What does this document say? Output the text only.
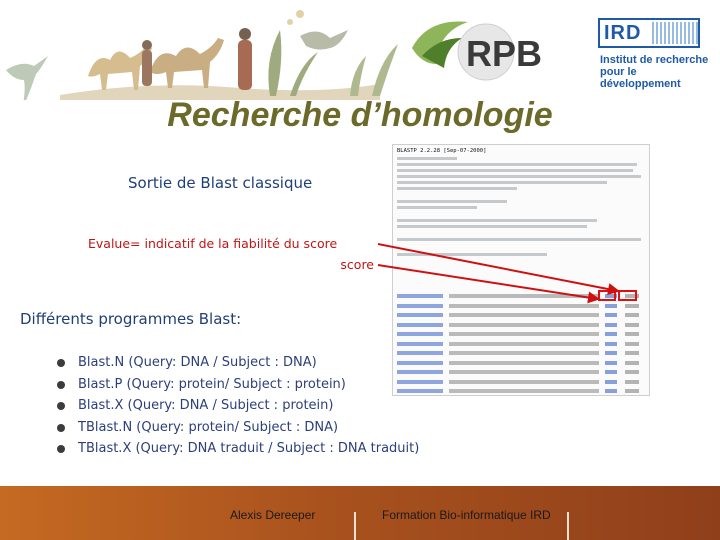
RPB	IRD
Institut de recherche pour le développement
Recherche d’homologie
Sortie de Blast classique
Evalue= indicatif de la fiabilité du score
score
Différents programmes Blast:
Blast.N (Query: DNA / Subject : DNA)
Blast.P (Query: protein/ Subject : protein)
Blast.X (Query: DNA / Subject : protein)
TBlast.N (Query: protein/ Subject : DNA)
TBlast.X (Query: DNA traduit / Subject : DNA traduit)
BLASTP 2.2.28 [Sep-07-2000]
Alexis Dereeper	Formation Bio-informatique IRD
